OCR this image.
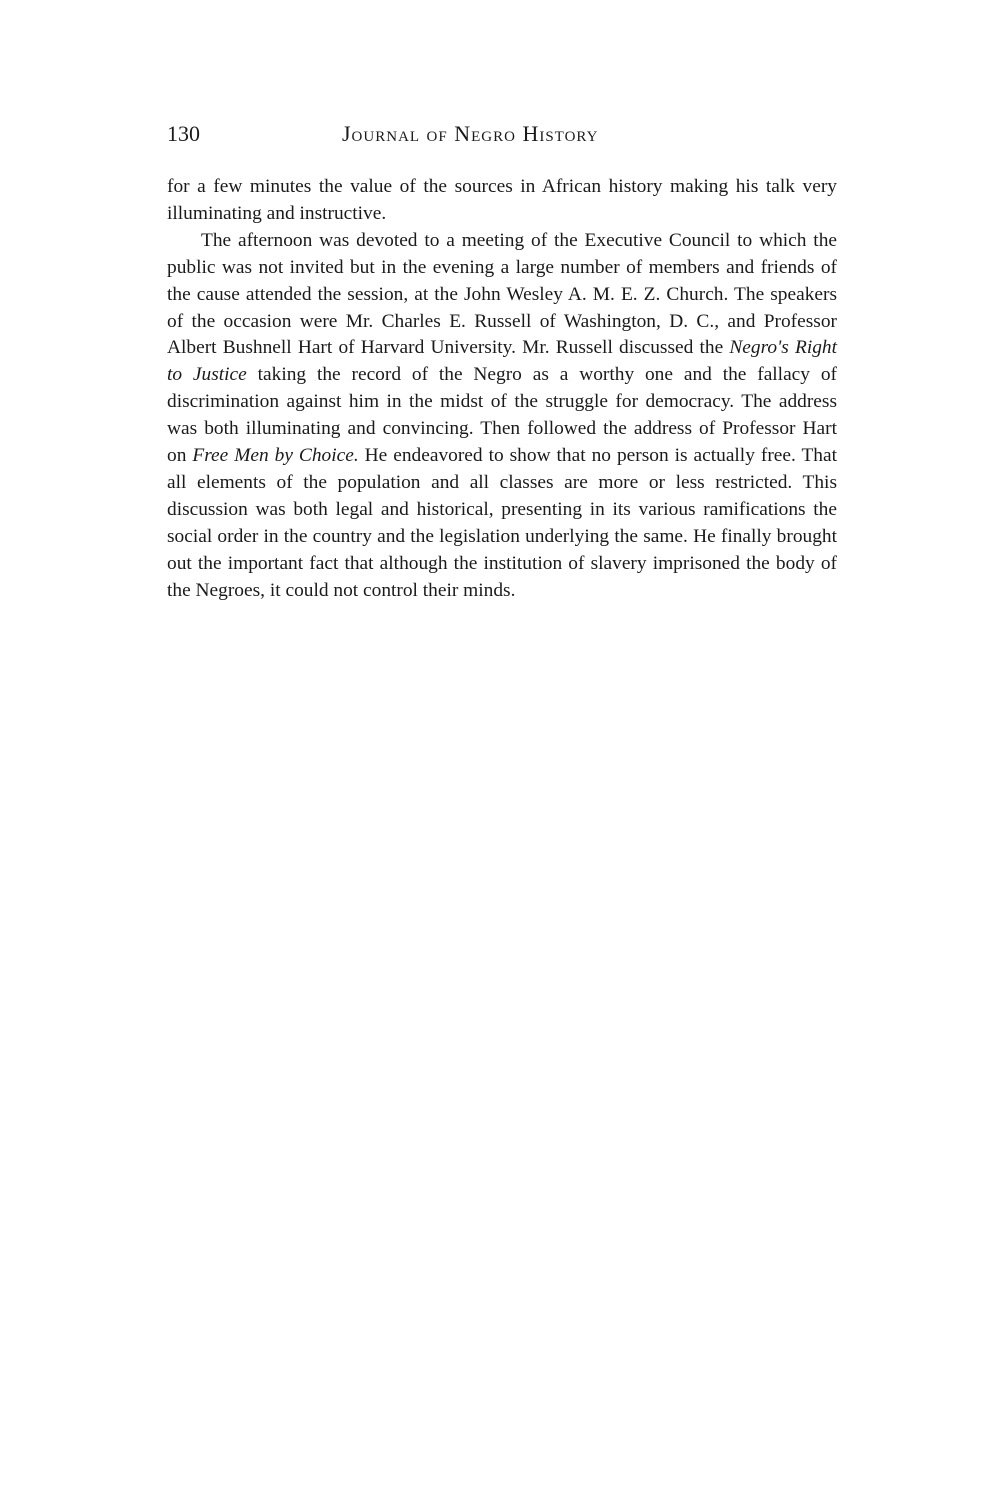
130	Journal of Negro History

for a few minutes the value of the sources in African history making his talk very illuminating and instructive.

The afternoon was devoted to a meeting of the Executive Council to which the public was not invited but in the evening a large number of members and friends of the cause attended the session, at the John Wesley A. M. E. Z. Church. The speakers of the occasion were Mr. Charles E. Russell of Washington, D. C., and Professor Albert Bushnell Hart of Harvard University. Mr. Russell discussed the Negro's Right to Justice taking the record of the Negro as a worthy one and the fallacy of discrimination against him in the midst of the struggle for democracy. The address was both illuminating and convincing. Then followed the address of Professor Hart on Free Men by Choice. He endeavored to show that no person is actually free. That all elements of the population and all classes are more or less restricted. This discussion was both legal and historical, presenting in its various ramifications the social order in the country and the legislation underlying the same. He finally brought out the important fact that although the institution of slavery imprisoned the body of the Negroes, it could not control their minds.
